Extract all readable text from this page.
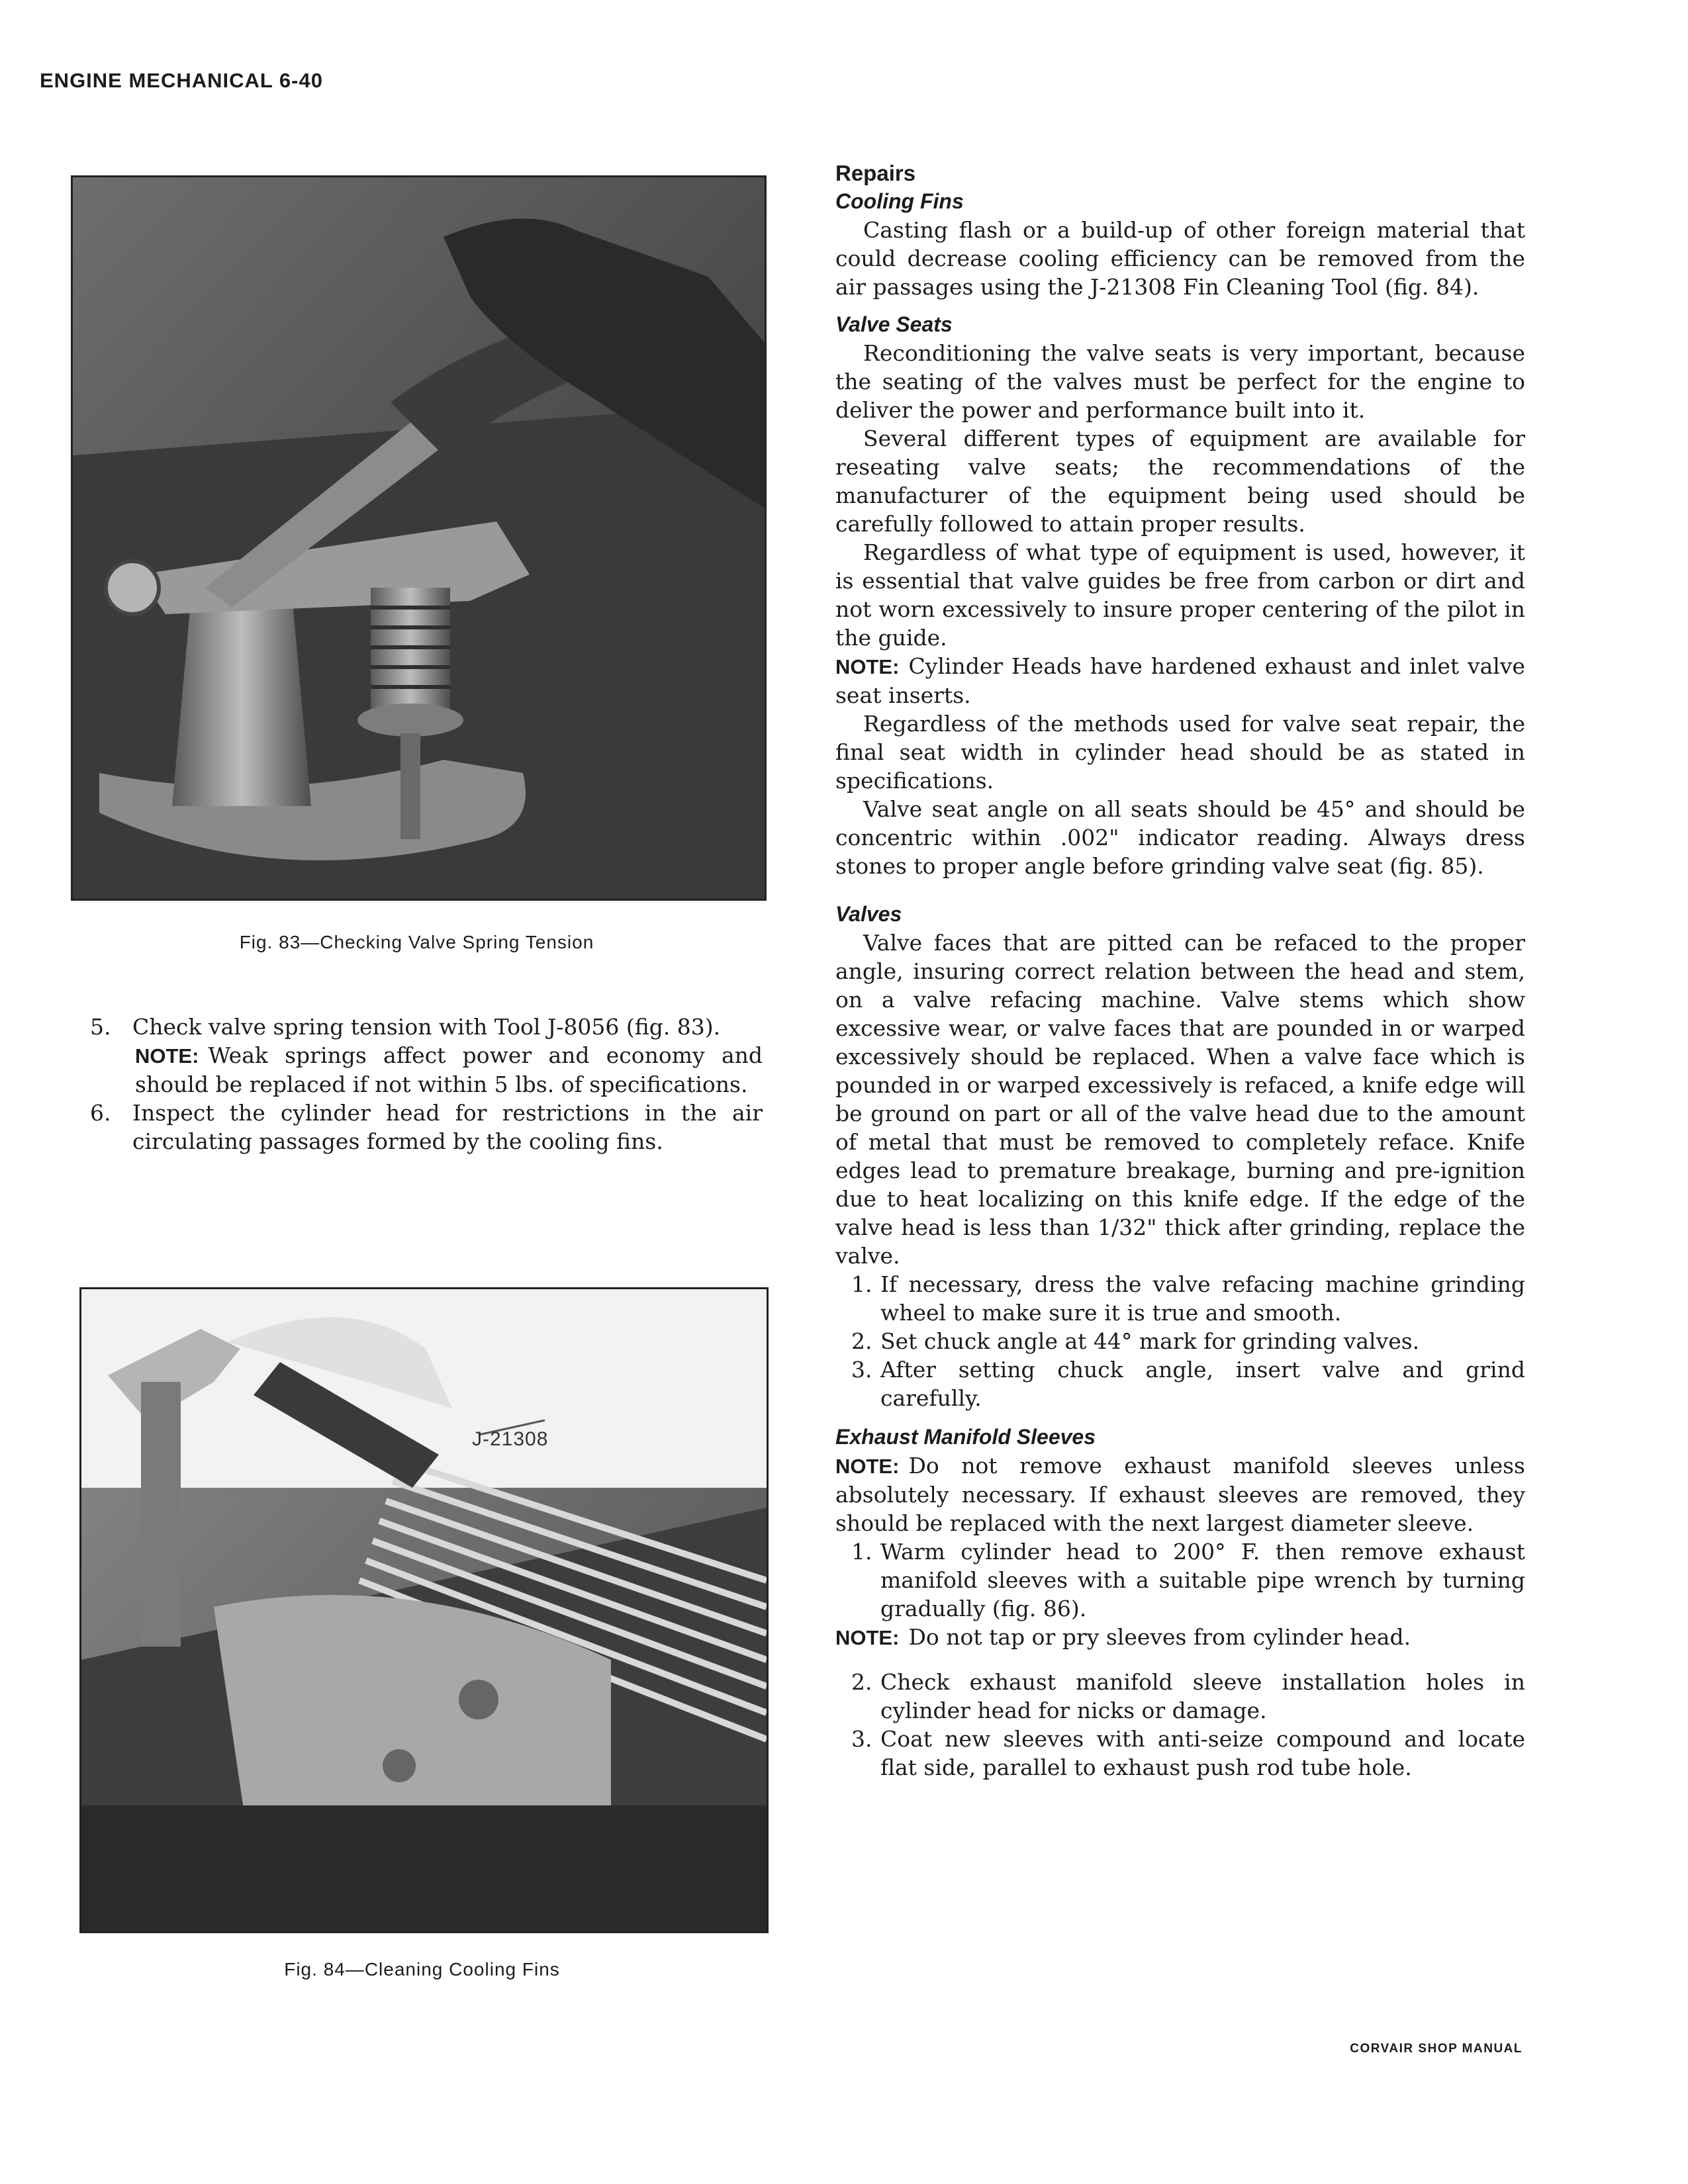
ENGINE MECHANICAL 6-40
Fig. 83—Checking Valve Spring Tension
5. Check valve spring tension with Tool J-8056 (fig. 83).

NOTE: Weak springs affect power and economy and should be replaced if not within 5 lbs. of specifications.

6. Inspect the cylinder head for restrictions in the air circulating passages formed by the cooling fins.
J-21308
Fig. 84—Cleaning Cooling Fins

Repairs

Cooling Fins

Casting flash or a build-up of other foreign material that could decrease cooling efficiency can be removed from the air passages using the J-21308 Fin Cleaning Tool (fig. 84).

Valve Seats

Reconditioning the valve seats is very important, because the seating of the valves must be perfect for the engine to deliver the power and performance built into it.

Several different types of equipment are available for reseating valve seats; the recommendations of the manufacturer of the equipment being used should be carefully followed to attain proper results.

Regardless of what type of equipment is used, however, it is essential that valve guides be free from carbon or dirt and not worn excessively to insure proper centering of the pilot in the guide.

NOTE: Cylinder Heads have hardened exhaust and inlet valve seat inserts.

Regardless of the methods used for valve seat repair, the final seat width in cylinder head should be as stated in specifications.

Valve seat angle on all seats should be 45° and should be concentric within .002" indicator reading. Always dress stones to proper angle before grinding valve seat (fig. 85).

Valves

Valve faces that are pitted can be refaced to the proper angle, insuring correct relation between the head and stem, on a valve refacing machine. Valve stems which show excessive wear, or valve faces that are pounded in or warped excessively should be replaced. When a valve face which is pounded in or warped excessively is refaced, a knife edge will be ground on part or all of the valve head due to the amount of metal that must be removed to completely reface. Knife edges lead to premature breakage, burning and pre-ignition due to heat localizing on this knife edge. If the edge of the valve head is less than 1/32" thick after grinding, replace the valve.

1. If necessary, dress the valve refacing machine grinding wheel to make sure it is true and smooth.
2. Set chuck angle at 44° mark for grinding valves.
3. After setting chuck angle, insert valve and grind carefully.

Exhaust Manifold Sleeves

NOTE: Do not remove exhaust manifold sleeves unless absolutely necessary. If exhaust sleeves are removed, they should be replaced with the next largest diameter sleeve.

1. Warm cylinder head to 200° F. then remove exhaust manifold sleeves with a suitable pipe wrench by turning gradually (fig. 86).

NOTE: Do not tap or pry sleeves from cylinder head.

2. Check exhaust manifold sleeve installation holes in cylinder head for nicks or damage.
3. Coat new sleeves with anti-seize compound and locate flat side, parallel to exhaust push rod tube hole.
CORVAIR SHOP MANUAL
